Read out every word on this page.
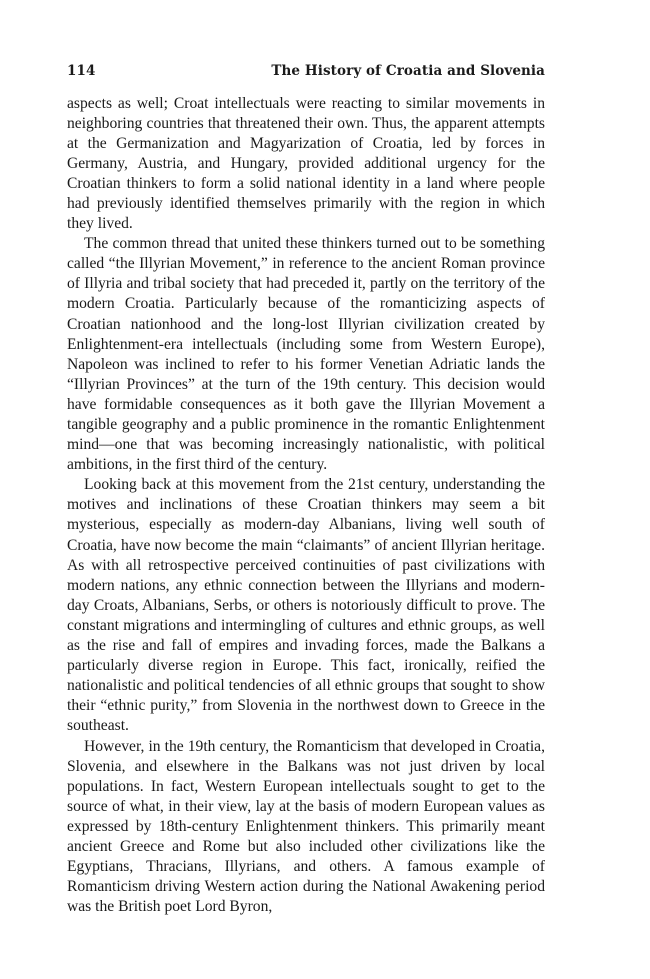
114	The History of Croatia and Slovenia

aspects as well; Croat intellectuals were reacting to similar movements in neighboring countries that threatened their own. Thus, the apparent attempts at the Germanization and Magyarization of Croatia, led by forces in Germany, Austria, and Hungary, provided additional urgency for the Croatian thinkers to form a solid national identity in a land where people had previously identified themselves primarily with the region in which they lived.

The common thread that united these thinkers turned out to be something called “the Illyrian Movement,” in reference to the ancient Roman province of Illyria and tribal society that had preceded it, partly on the territory of the modern Croatia. Particularly because of the romanticizing aspects of Croatian nationhood and the long-lost Illyrian civilization created by Enlightenment-era intellectuals (including some from Western Europe), Napoleon was inclined to refer to his former Venetian Adriatic lands the “Illyrian Provinces” at the turn of the 19th century. This decision would have formidable consequences as it both gave the Illyrian Movement a tangible geography and a public prominence in the romantic Enlightenment mind—one that was becoming increasingly nationalistic, with political ambitions, in the first third of the century.

Looking back at this movement from the 21st century, understanding the motives and inclinations of these Croatian thinkers may seem a bit mysterious, especially as modern-day Albanians, living well south of Croatia, have now become the main “claimants” of ancient Illyrian heritage. As with all retrospective perceived continuities of past civilizations with modern nations, any ethnic connection between the Illyrians and modern-day Croats, Albanians, Serbs, or others is notoriously difficult to prove. The constant migrations and intermingling of cultures and ethnic groups, as well as the rise and fall of empires and invading forces, made the Balkans a particularly diverse region in Europe. This fact, ironically, reified the nationalistic and political tendencies of all ethnic groups that sought to show their “ethnic purity,” from Slovenia in the northwest down to Greece in the southeast.

However, in the 19th century, the Romanticism that developed in Croatia, Slovenia, and elsewhere in the Balkans was not just driven by local populations. In fact, Western European intellectuals sought to get to the source of what, in their view, lay at the basis of modern European values as expressed by 18th-century Enlightenment thinkers. This primarily meant ancient Greece and Rome but also included other civilizations like the Egyptians, Thracians, Illyrians, and others. A famous example of Romanticism driving Western action during the National Awakening period was the British poet Lord Byron,
